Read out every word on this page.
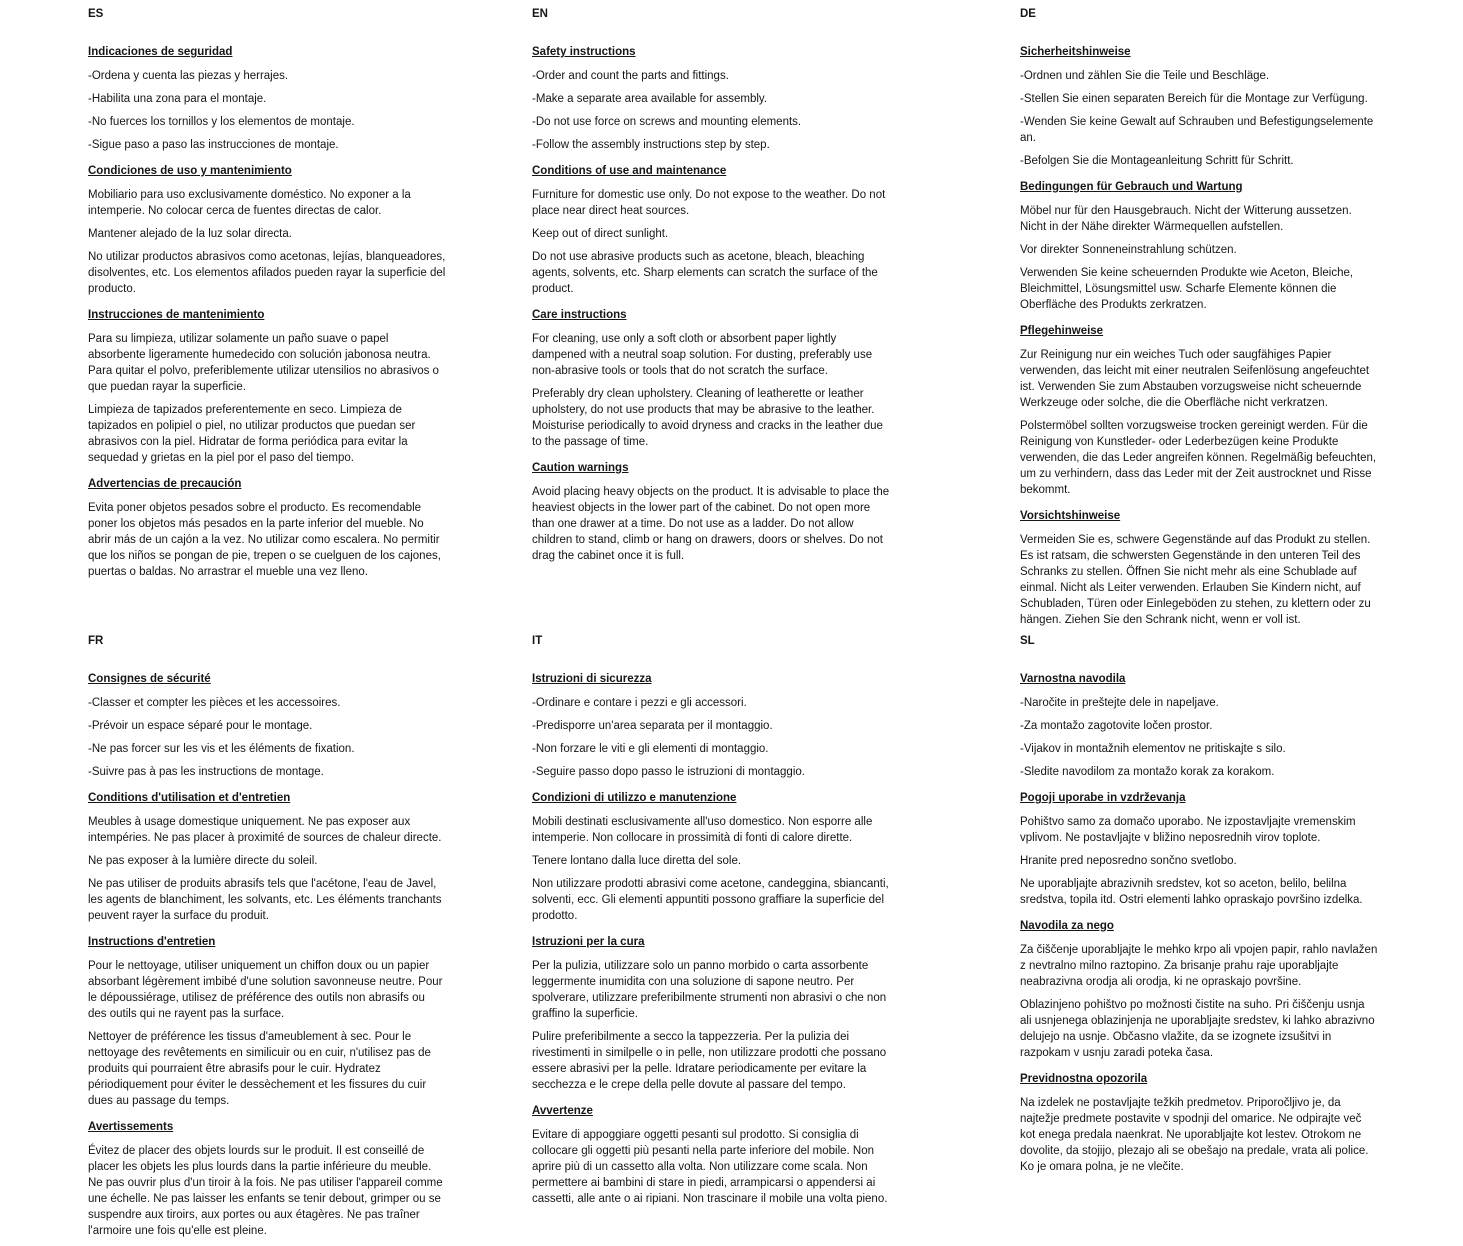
ES
Indicaciones de seguridad

-Ordena y cuenta las piezas y herrajes.

-Habilita una zona para el montaje.

-No fuerces los tornillos y los elementos de montaje.

-Sigue paso a paso las instrucciones de montaje.

Condiciones de uso y mantenimiento

Mobiliario para uso exclusivamente doméstico. No exponer a la intemperie. No colocar cerca de fuentes directas de calor.

Mantener alejado de la luz solar directa.

No utilizar productos abrasivos como acetonas, lejías, blanqueadores, disolventes, etc. Los elementos afilados pueden rayar la superficie del producto.

Instrucciones de mantenimiento

Para su limpieza, utilizar solamente un paño suave o papel absorbente ligeramente humedecido con solución jabonosa neutra. Para quitar el polvo, preferiblemente utilizar utensilios no abrasivos o que puedan rayar la superficie.

Limpieza de tapizados preferentemente en seco. Limpieza de tapizados en polipiel o piel, no utilizar productos que puedan ser abrasivos con la piel. Hidratar de forma periódica para evitar la sequedad y grietas en la piel por el paso del tiempo.

Advertencias de precaución

Evita poner objetos pesados sobre el producto. Es recomendable poner los objetos más pesados en la parte inferior del mueble. No abrir más de un cajón a la vez. No utilizar como escalera. No permitir que los niños se pongan de pie, trepen o se cuelguen de los cajones, puertas o baldas. No arrastrar el mueble una vez lleno.

EN
Safety instructions

-Order and count the parts and fittings.

-Make a separate area available for assembly.

-Do not use force on screws and mounting elements.

-Follow the assembly instructions step by step.

Conditions of use and maintenance

Furniture for domestic use only. Do not expose to the weather. Do not place near direct heat sources.

Keep out of direct sunlight.

Do not use abrasive products such as acetone, bleach, bleaching agents, solvents, etc. Sharp elements can scratch the surface of the product.

Care instructions

For cleaning, use only a soft cloth or absorbent paper lightly dampened with a neutral soap solution. For dusting, preferably use non-abrasive tools or tools that do not scratch the surface.

Preferably dry clean upholstery. Cleaning of leatherette or leather upholstery, do not use products that may be abrasive to the leather. Moisturise periodically to avoid dryness and cracks in the leather due to the passage of time.

Caution warnings

Avoid placing heavy objects on the product. It is advisable to place the heaviest objects in the lower part of the cabinet. Do not open more than one drawer at a time. Do not use as a ladder. Do not allow children to stand, climb or hang on drawers, doors or shelves. Do not drag the cabinet once it is full.

DE
Sicherheitshinweise

-Ordnen und zählen Sie die Teile und Beschläge.

-Stellen Sie einen separaten Bereich für die Montage zur Verfügung.

-Wenden Sie keine Gewalt auf Schrauben und Befestigungselemente an.

-Befolgen Sie die Montageanleitung Schritt für Schritt.

Bedingungen für Gebrauch und Wartung

Möbel nur für den Hausgebrauch. Nicht der Witterung aussetzen. Nicht in der Nähe direkter Wärmequellen aufstellen.

Vor direkter Sonneneinstrahlung schützen.

Verwenden Sie keine scheuernden Produkte wie Aceton, Bleiche, Bleichmittel, Lösungsmittel usw. Scharfe Elemente können die Oberfläche des Produkts zerkratzen.

Pflegehinweise

Zur Reinigung nur ein weiches Tuch oder saugfähiges Papier verwenden, das leicht mit einer neutralen Seifenlösung angefeuchtet ist. Verwenden Sie zum Abstauben vorzugsweise nicht scheuernde Werkzeuge oder solche, die die Oberfläche nicht verkratzen.

Polstermöbel sollten vorzugsweise trocken gereinigt werden. Für die Reinigung von Kunstleder- oder Lederbezügen keine Produkte verwenden, die das Leder angreifen können. Regelmäßig befeuchten, um zu verhindern, dass das Leder mit der Zeit austrocknet und Risse bekommt.

Vorsichtshinweise

Vermeiden Sie es, schwere Gegenstände auf das Produkt zu stellen. Es ist ratsam, die schwersten Gegenstände in den unteren Teil des Schranks zu stellen. Öffnen Sie nicht mehr als eine Schublade auf einmal. Nicht als Leiter verwenden. Erlauben Sie Kindern nicht, auf Schubladen, Türen oder Einlegeböden zu stehen, zu klettern oder zu hängen. Ziehen Sie den Schrank nicht, wenn er voll ist.

FR
Consignes de sécurité

-Classer et compter les pièces et les accessoires.

-Prévoir un espace séparé pour le montage.

-Ne pas forcer sur les vis et les éléments de fixation.

-Suivre pas à pas les instructions de montage.

Conditions d'utilisation et d'entretien

Meubles à usage domestique uniquement. Ne pas exposer aux intempéries. Ne pas placer à proximité de sources de chaleur directe.

Ne pas exposer à la lumière directe du soleil.

Ne pas utiliser de produits abrasifs tels que l'acétone, l'eau de Javel, les agents de blanchiment, les solvants, etc. Les éléments tranchants peuvent rayer la surface du produit.

Instructions d'entretien

Pour le nettoyage, utiliser uniquement un chiffon doux ou un papier absorbant légèrement imbibé d'une solution savonneuse neutre. Pour le dépoussiérage, utilisez de préférence des outils non abrasifs ou des outils qui ne rayent pas la surface.

Nettoyer de préférence les tissus d'ameublement à sec. Pour le nettoyage des revêtements en similicuir ou en cuir, n'utilisez pas de produits qui pourraient être abrasifs pour le cuir. Hydratez périodiquement pour éviter le dessèchement et les fissures du cuir dues au passage du temps.

Avertissements

Évitez de placer des objets lourds sur le produit. Il est conseillé de placer les objets les plus lourds dans la partie inférieure du meuble. Ne pas ouvrir plus d'un tiroir à la fois. Ne pas utiliser l'appareil comme une échelle. Ne pas laisser les enfants se tenir debout, grimper ou se suspendre aux tiroirs, aux portes ou aux étagères. Ne pas traîner l'armoire une fois qu'elle est pleine.

IT
Istruzioni di sicurezza

-Ordinare e contare i pezzi e gli accessori.

-Predisporre un'area separata per il montaggio.

-Non forzare le viti e gli elementi di montaggio.

-Seguire passo dopo passo le istruzioni di montaggio.

Condizioni di utilizzo e manutenzione

Mobili destinati esclusivamente all'uso domestico. Non esporre alle intemperie. Non collocare in prossimità di fonti di calore dirette.

Tenere lontano dalla luce diretta del sole.

Non utilizzare prodotti abrasivi come acetone, candeggina, sbiancanti, solventi, ecc. Gli elementi appuntiti possono graffiare la superficie del prodotto.

Istruzioni per la cura

Per la pulizia, utilizzare solo un panno morbido o carta assorbente leggermente inumidita con una soluzione di sapone neutro. Per spolverare, utilizzare preferibilmente strumenti non abrasivi o che non graffino la superficie.

Pulire preferibilmente a secco la tappezzeria. Per la pulizia dei rivestimenti in similpelle o in pelle, non utilizzare prodotti che possano essere abrasivi per la pelle. Idratare periodicamente per evitare la secchezza e le crepe della pelle dovute al passare del tempo.

Avvertenze

Evitare di appoggiare oggetti pesanti sul prodotto. Si consiglia di collocare gli oggetti più pesanti nella parte inferiore del mobile. Non aprire più di un cassetto alla volta. Non utilizzare come scala. Non permettere ai bambini di stare in piedi, arrampicarsi o appendersi ai cassetti, alle ante o ai ripiani. Non trascinare il mobile una volta pieno.

SL
Varnostna navodila

-Naročite in preštejte dele in napeljave.

-Za montažo zagotovite ločen prostor.

-Vijakov in montažnih elementov ne pritiskajte s silo.

-Sledite navodilom za montažo korak za korakom.

Pogoji uporabe in vzdrževanja

Pohištvo samo za domačo uporabo. Ne izpostavljajte vremenskim vplivom. Ne postavljajte v bližino neposrednih virov toplote.

Hranite pred neposredno sončno svetlobo.

Ne uporabljajte abrazivnih sredstev, kot so aceton, belilo, belilna sredstva, topila itd. Ostri elementi lahko opraskajo površino izdelka.

Navodila za nego

Za čiščenje uporabljajte le mehko krpo ali vpojen papir, rahlo navlažen z nevtralno milno raztopino. Za brisanje prahu raje uporabljajte neabrazivna orodja ali orodja, ki ne opraskajo površine.

Oblazinjeno pohištvo po možnosti čistite na suho. Pri čiščenju usnja ali usnjenega oblazinjenja ne uporabljajte sredstev, ki lahko abrazivno delujejo na usnje. Občasno vlažite, da se izognete izsušitvi in razpokam v usnju zaradi poteka časa.

Previdnostna opozorila

Na izdelek ne postavljajte težkih predmetov. Priporočljivo je, da najtežje predmete postavite v spodnji del omarice. Ne odpirajte več kot enega predala naenkrat. Ne uporabljajte kot lestev. Otrokom ne dovolite, da stojijo, plezajo ali se obešajo na predale, vrata ali police. Ko je omara polna, je ne vlečite.
